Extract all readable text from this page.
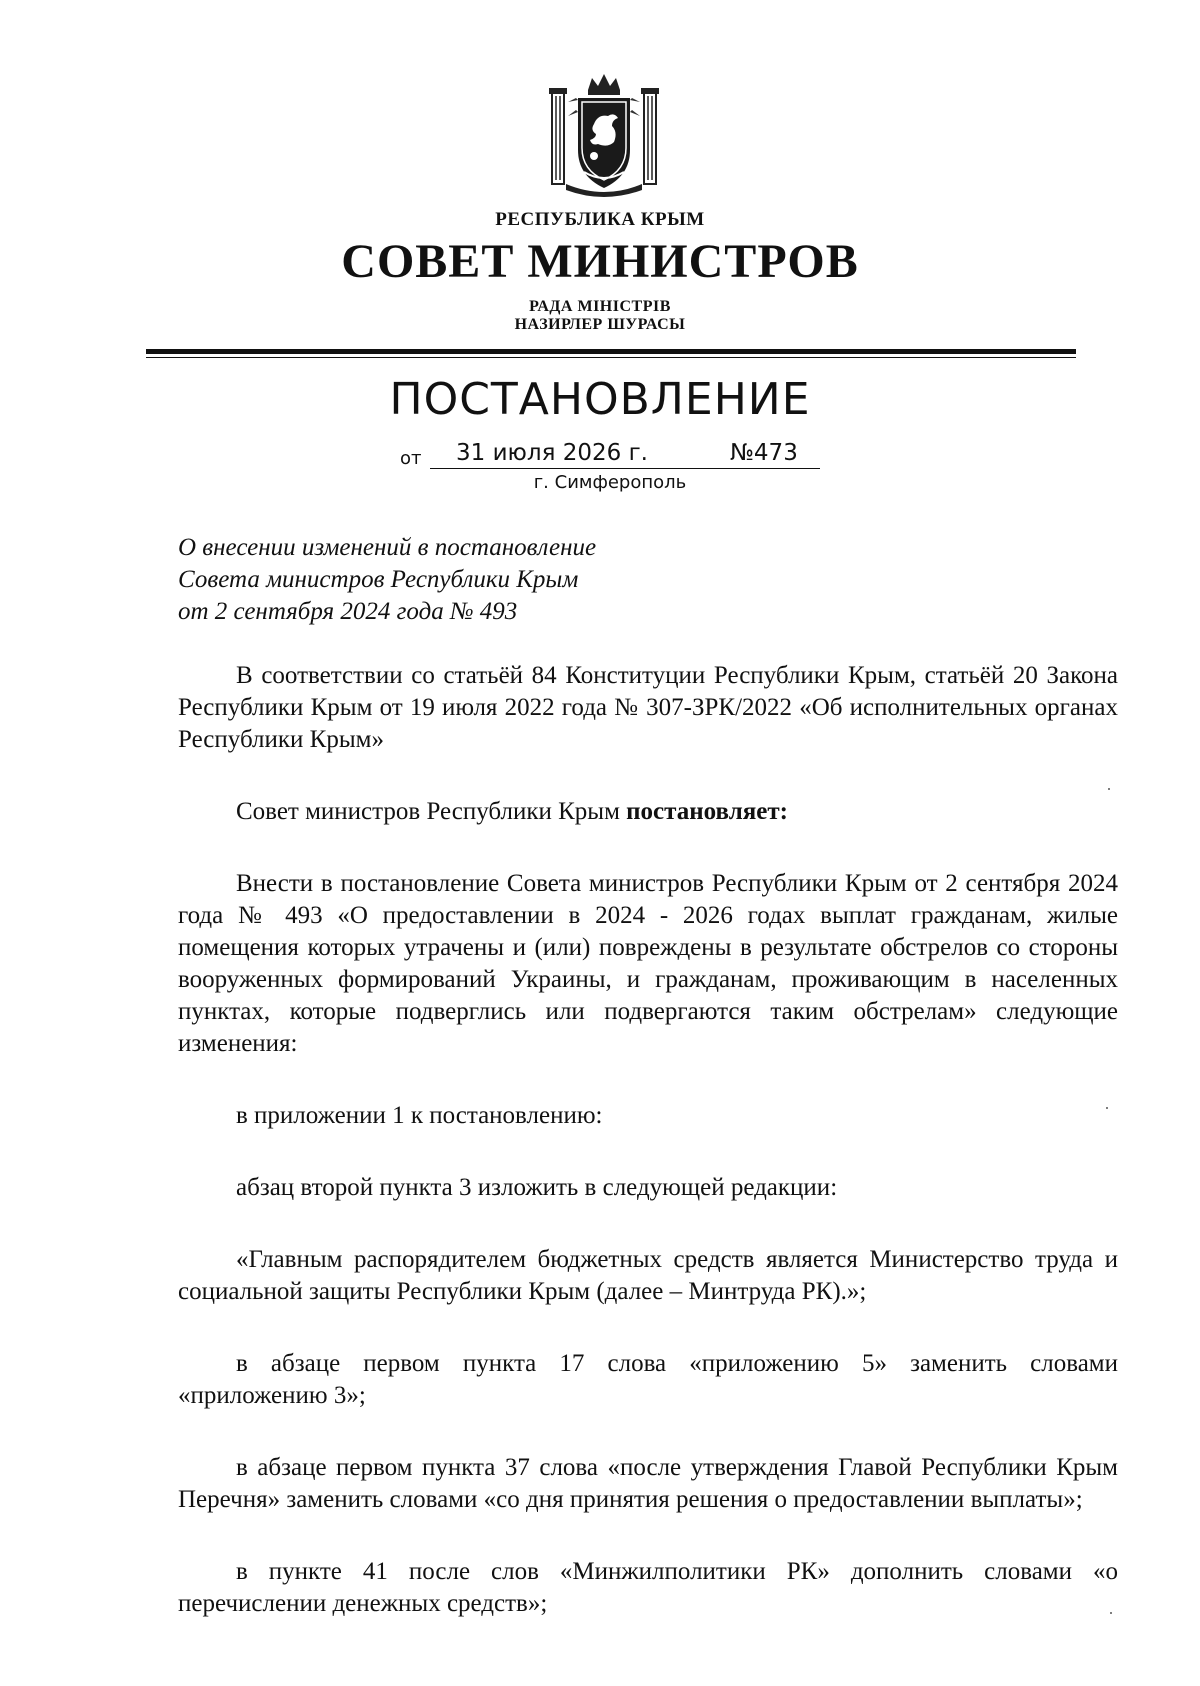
РЕСПУБЛИКА КРЫМ
СОВЕТ МИНИСТРОВ
РАДА МІНІСТРІВ
НАЗИРЛЕР ШУРАСЫ
ПОСТАНОВЛЕНИЕ
от 31 июля 2026 г.	№473
г. Симферополь
О внесении изменений в постановление
Совета министров Республики Крым
от 2 сентября 2024 года № 493

В соответствии со статьёй 84 Конституции Республики Крым, статьёй 20 Закона Республики Крым от 19 июля 2022 года № 307-ЗРК/2022 «Об исполнительных органах Республики Крым»

Совет министров Республики Крым постановляет:

Внести в постановление Совета министров Республики Крым от 2 сентября 2024 года № 493 «О предоставлении в 2024 - 2026 годах выплат гражданам, жилые помещения которых утрачены и (или) повреждены в результате обстрелов со стороны вооруженных формирований Украины, и гражданам, проживающим в населенных пунктах, которые подверглись или подвергаются таким обстрелам» следующие изменения:

в приложении 1 к постановлению:

абзац второй пункта 3 изложить в следующей редакции:

«Главным распорядителем бюджетных средств является Министерство труда и социальной защиты Республики Крым (далее – Минтруда РК).»;

в абзаце первом пункта 17 слова «приложению 5» заменить словами «приложению 3»;

в абзаце первом пункта 37 слова «после утверждения Главой Республики Крым Перечня» заменить словами «со дня принятия решения о предоставлении выплаты»;

в пункте 41 после слов «Минжилполитики РК» дополнить словами «о перечислении денежных средств»;
